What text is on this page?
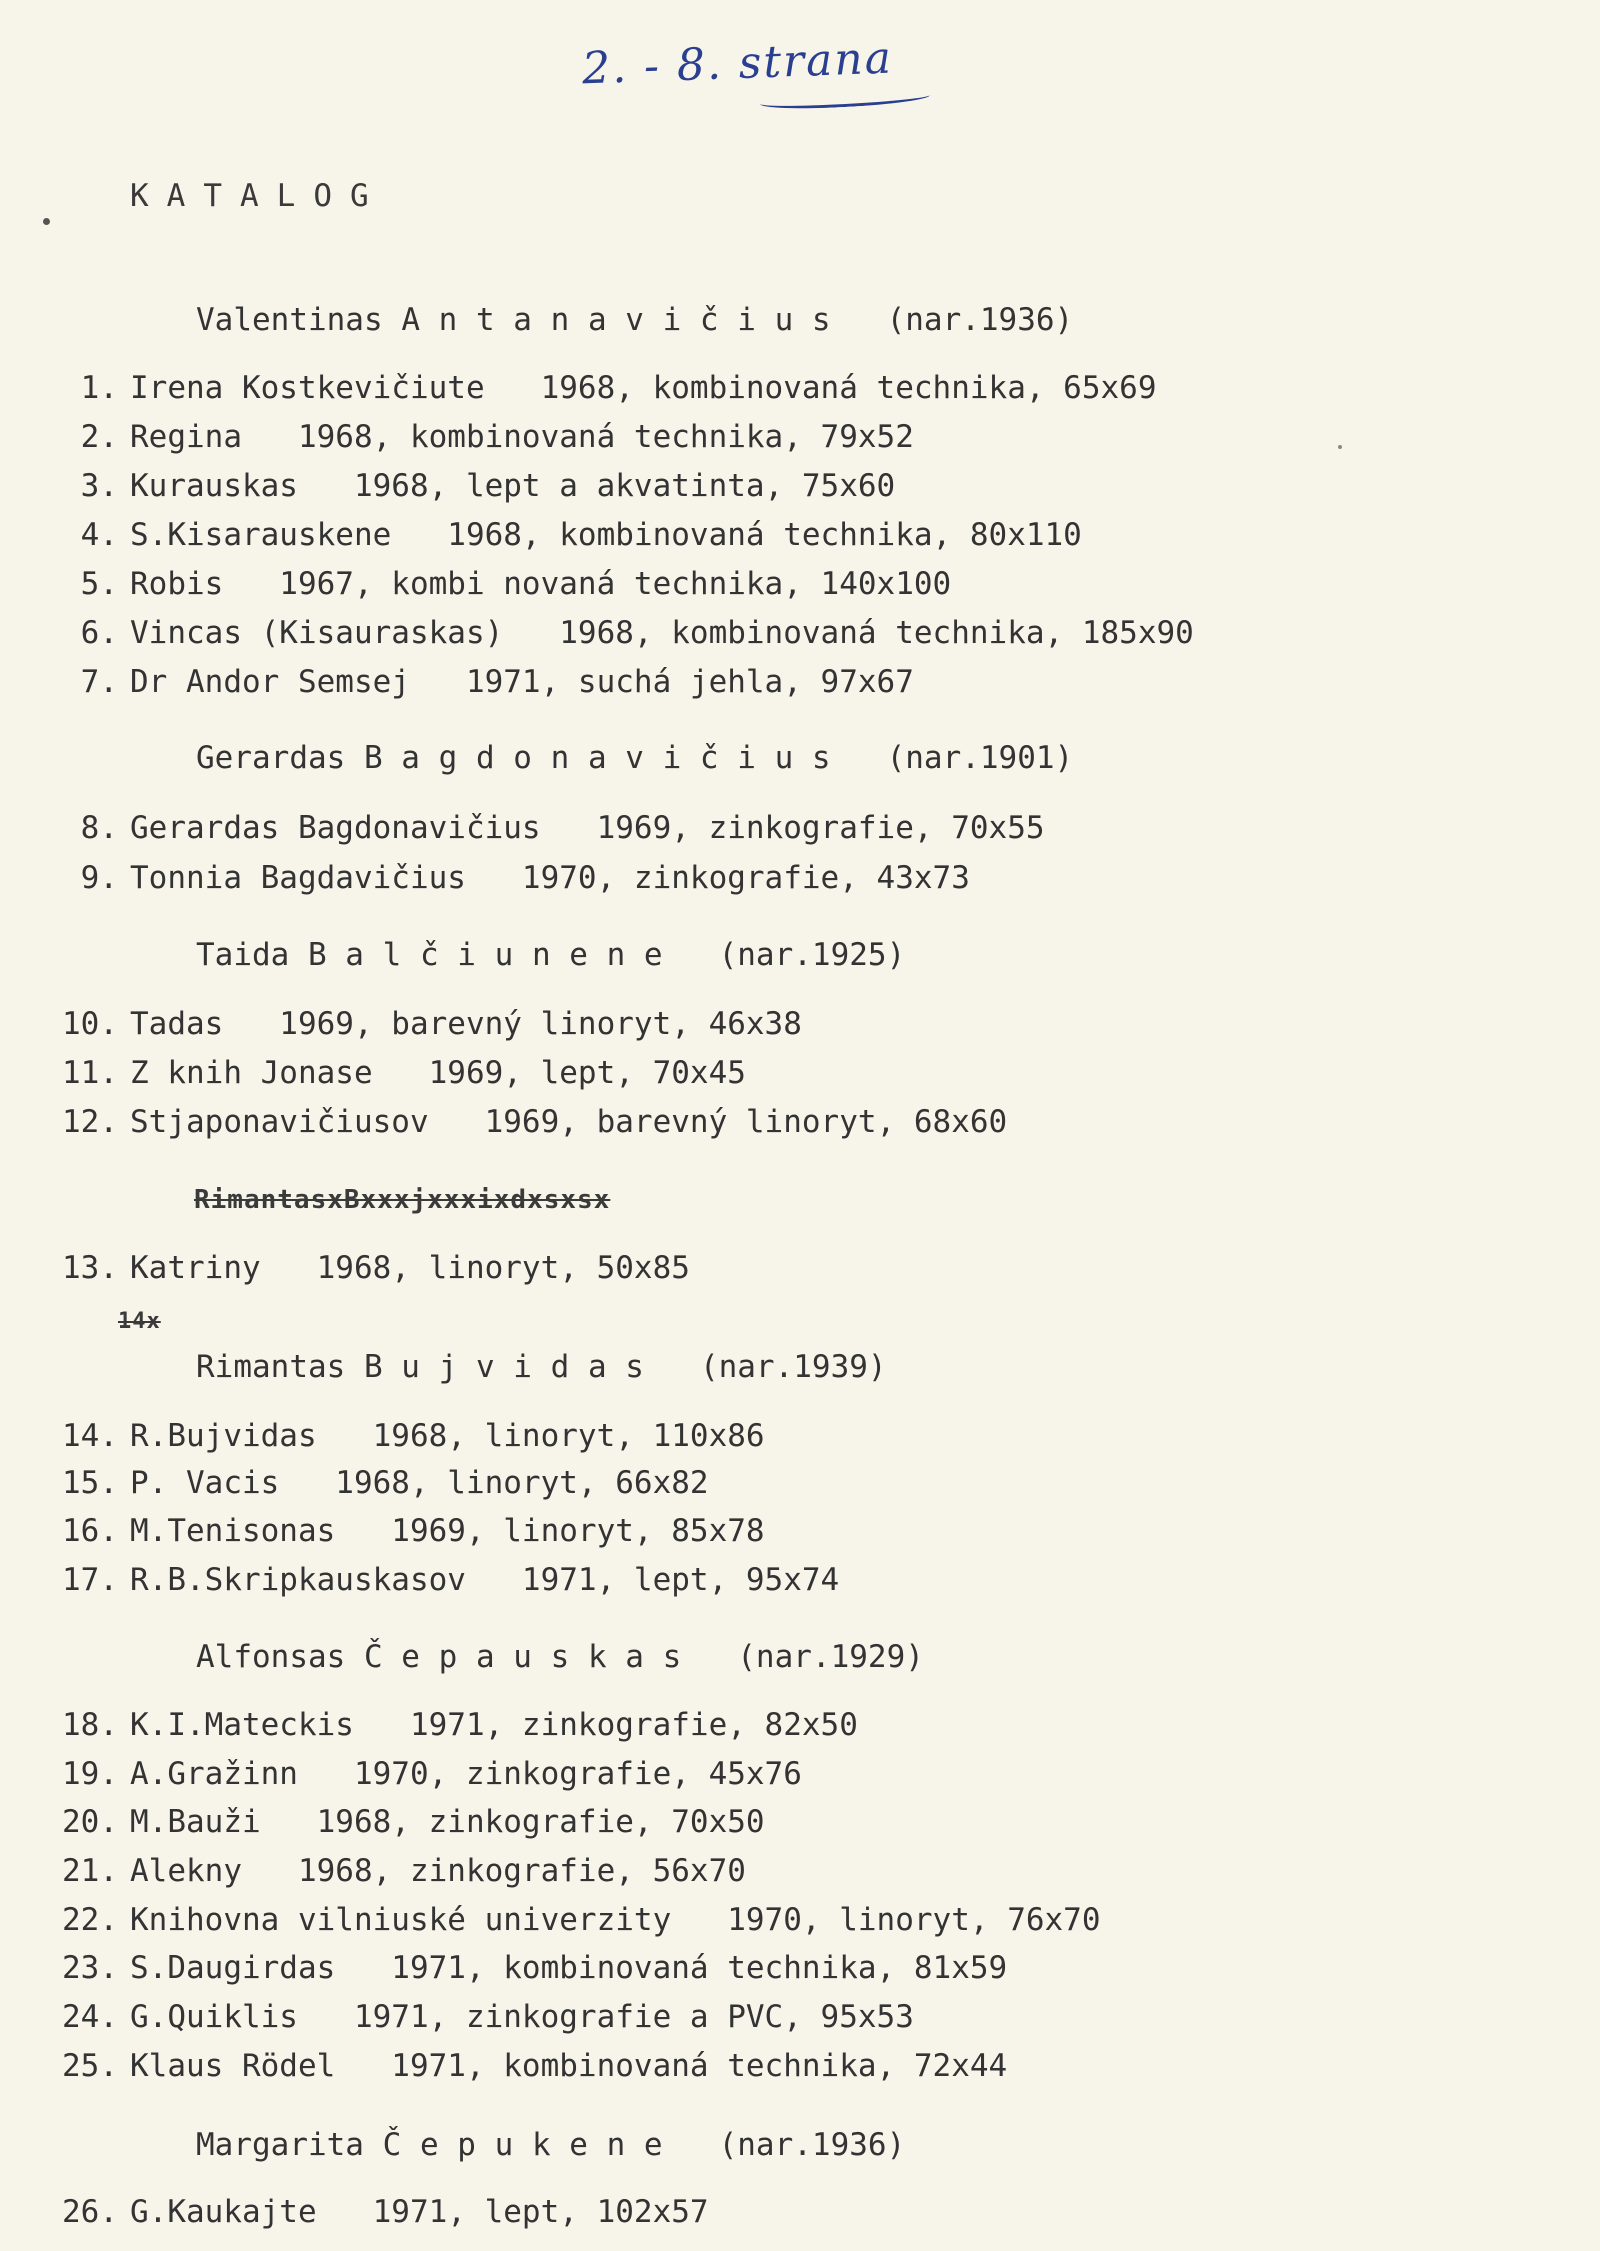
2. - 8. strana
KATALOG
Valentinas A n t a n a v i č i u s   (nar.1936)
1. Irena Kostkevičiute   1968, kombinovaná technika, 65x69
2. Regina   1968, kombinovaná technika, 79x52
3. Kurauskas   1968, lept a akvatinta, 75x60
4. S.Kisarauskene   1968, kombinovaná technika, 80x110
5. Robis   1967, kombi novaná technika, 140x100
6. Vincas (Kisauraskas)   1968, kombinovaná technika, 185x90
7. Dr Andor Semsej   1971, suchá jehla, 97x67
Gerardas B a g d o n a v i č i u s   (nar.1901)
8. Gerardas Bagdonavičius   1969, zinkografie, 70x55
9. Tonnia Bagdavičius   1970, zinkografie, 43x73
Taida B a l č i u n e n e   (nar.1925)
10. Tadas   1969, barevný linoryt, 46x38
11. Z knih Jonase   1969, lept, 70x45
12. Stjaponavičiusov   1969, barevný linoryt, 68x60
RimantasxBxxxjxxxixdxsxsx
13. Katriny   1968, linoryt, 50x85
14x
Rimantas B u j v i d a s   (nar.1939)
14. R.Bujvidas   1968, linoryt, 110x86
15. P. Vacis   1968, linoryt, 66x82
16. M.Tenisonas   1969, linoryt, 85x78
17. R.B.Skripkauskasov   1971, lept, 95x74
Alfonsas Č e p a u s k a s   (nar.1929)
18. K.I.Mateckis   1971, zinkografie, 82x50
19. A.Gražinn   1970, zinkografie, 45x76
20. M.Bauži   1968, zinkografie, 70x50
21. Alekny   1968, zinkografie, 56x70
22. Knihovna vilniuské univerzity   1970, linoryt, 76x70
23. S.Daugirdas   1971, kombinovaná technika, 81x59
24. G.Quiklis   1971, zinkografie a PVC, 95x53
25. Klaus Rödel   1971, kombinovaná technika, 72x44
Margarita Č e p u k e n e   (nar.1936)
26. G.Kaukajte   1971, lept, 102x57
